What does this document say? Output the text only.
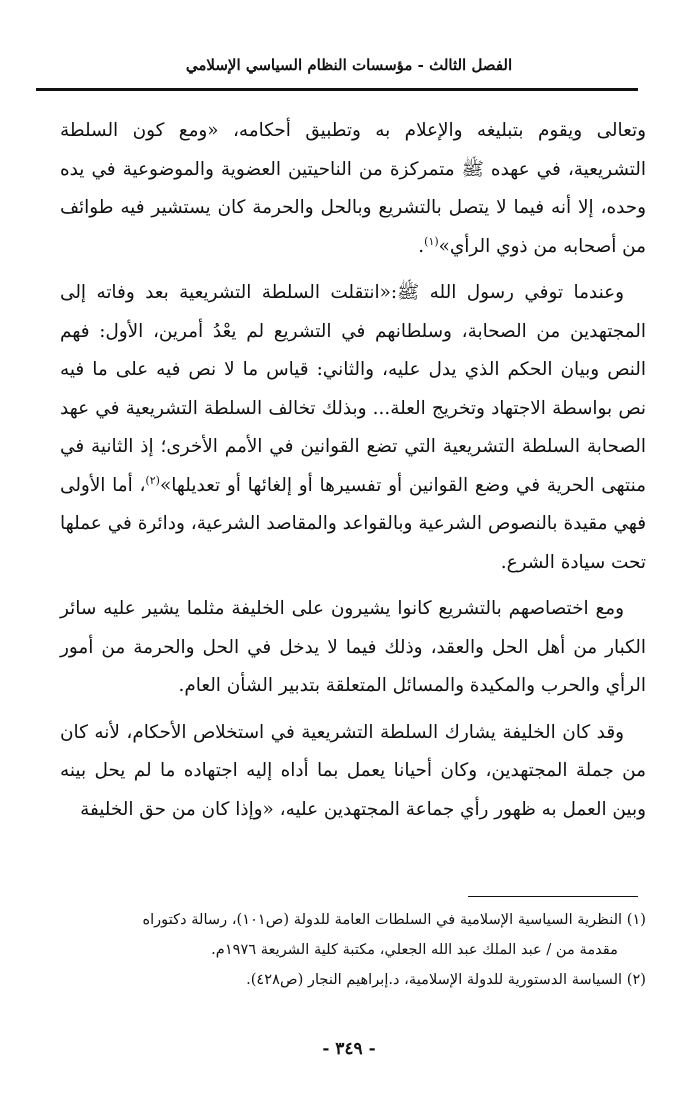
الفصل الثالث - مؤسسات النظام السياسي الإسلامي

وتعالى ويقوم بتبليغه والإعلام به وتطبيق أحكامه، «ومع كون السلطة التشريعية، في عهده ﷺ متمركزة من الناحيتين العضوية والموضوعية في يده وحده، إلا أنه فيما لا يتصل بالتشريع وبالحل والحرمة كان يستشير فيه طوائف من أصحابه من ذوي الرأي»$^{(١)}$.

وعندما توفي رسول الله ﷺ:«انتقلت السلطة التشريعية بعد وفاته إلى المجتهدين من الصحابة، وسلطانهم في التشريع لم يعْدُ أمرين، الأول: فهم النص وبيان الحكم الذي يدل عليه، والثاني: قياس ما لا نص فيه على ما فيه نص بواسطة الاجتهاد وتخريج العلة... وبذلك تخالف السلطة التشريعية في عهد الصحابة السلطة التشريعية التي تضع القوانين في الأمم الأخرى؛ إذ الثانية في منتهى الحرية في وضع القوانين أو تفسيرها أو إلغائها أو تعديلها»$^{(٢)}$، أما الأولى فهي مقيدة بالنصوص الشرعية وبالقواعد والمقاصد الشرعية، ودائرة في عملها تحت سيادة الشرع.

ومع اختصاصهم بالتشريع كانوا يشيرون على الخليفة مثلما يشير عليه سائر الكبار من أهل الحل والعقد، وذلك فيما لا يدخل في الحل والحرمة من أمور الرأي والحرب والمكيدة والمسائل المتعلقة بتدبير الشأن العام.

وقد كان الخليفة يشارك السلطة التشريعية في استخلاص الأحكام، لأنه كان من جملة المجتهدين، وكان أحيانا يعمل بما أداه إليه اجتهاده ما لم يحل بينه وبين العمل به ظهور رأي جماعة المجتهدين عليه، «وإذا كان من حق الخليفة

(١) النظرية السياسية الإسلامية في السلطات العامة للدولة (ص١٠١)، رسالة دكتوراه

مقدمة من / عبد الملك عبد الله الجعلي، مكتبة كلية الشريعة ١٩٧٦م.

(٢) السياسة الدستورية للدولة الإسلامية، د.إبراهيم النجار (ص٤٢٨).

- ٣٤٩ -
